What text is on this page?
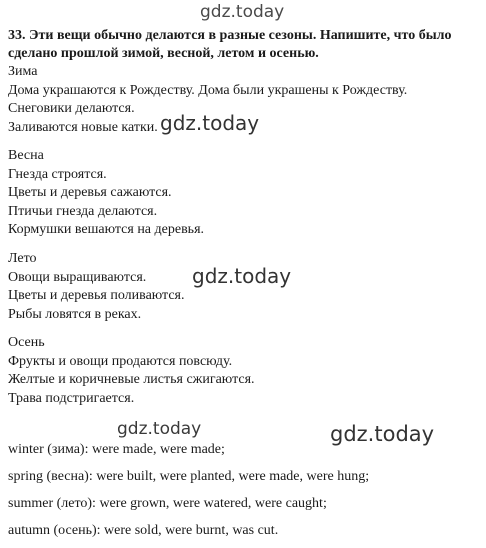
gdz.today
33. Эти вещи обычно делаются в разные сезоны. Напишите, что было
сделано прошлой зимой, весной, летом и осенью.
Зима
Дома украшаются к Рождеству. Дома были украшены к Рождеству.
Снеговики делаются.
Заливаются новые катки. gdz.today
Весна
Гнезда строятся.
Цветы и деревья сажаются.
Птичьи гнезда делаются.
Кормушки вешаются на деревья.
Лето
Овощи выращиваются.
Цветы и деревья поливаются.
Рыбы ловятся в реках.
gdz.today
Осень
Фрукты и овощи продаются повсюду.
Желтые и коричневые листья сжигаются.
Трава подстригается.
gdz.today	gdz.today
winter (зима): were made, were made;
spring (весна): were built, were planted, were made, were hung;
summer (лето): were grown, were watered, were caught;
autumn (осень): were sold, were burnt, was cut.
